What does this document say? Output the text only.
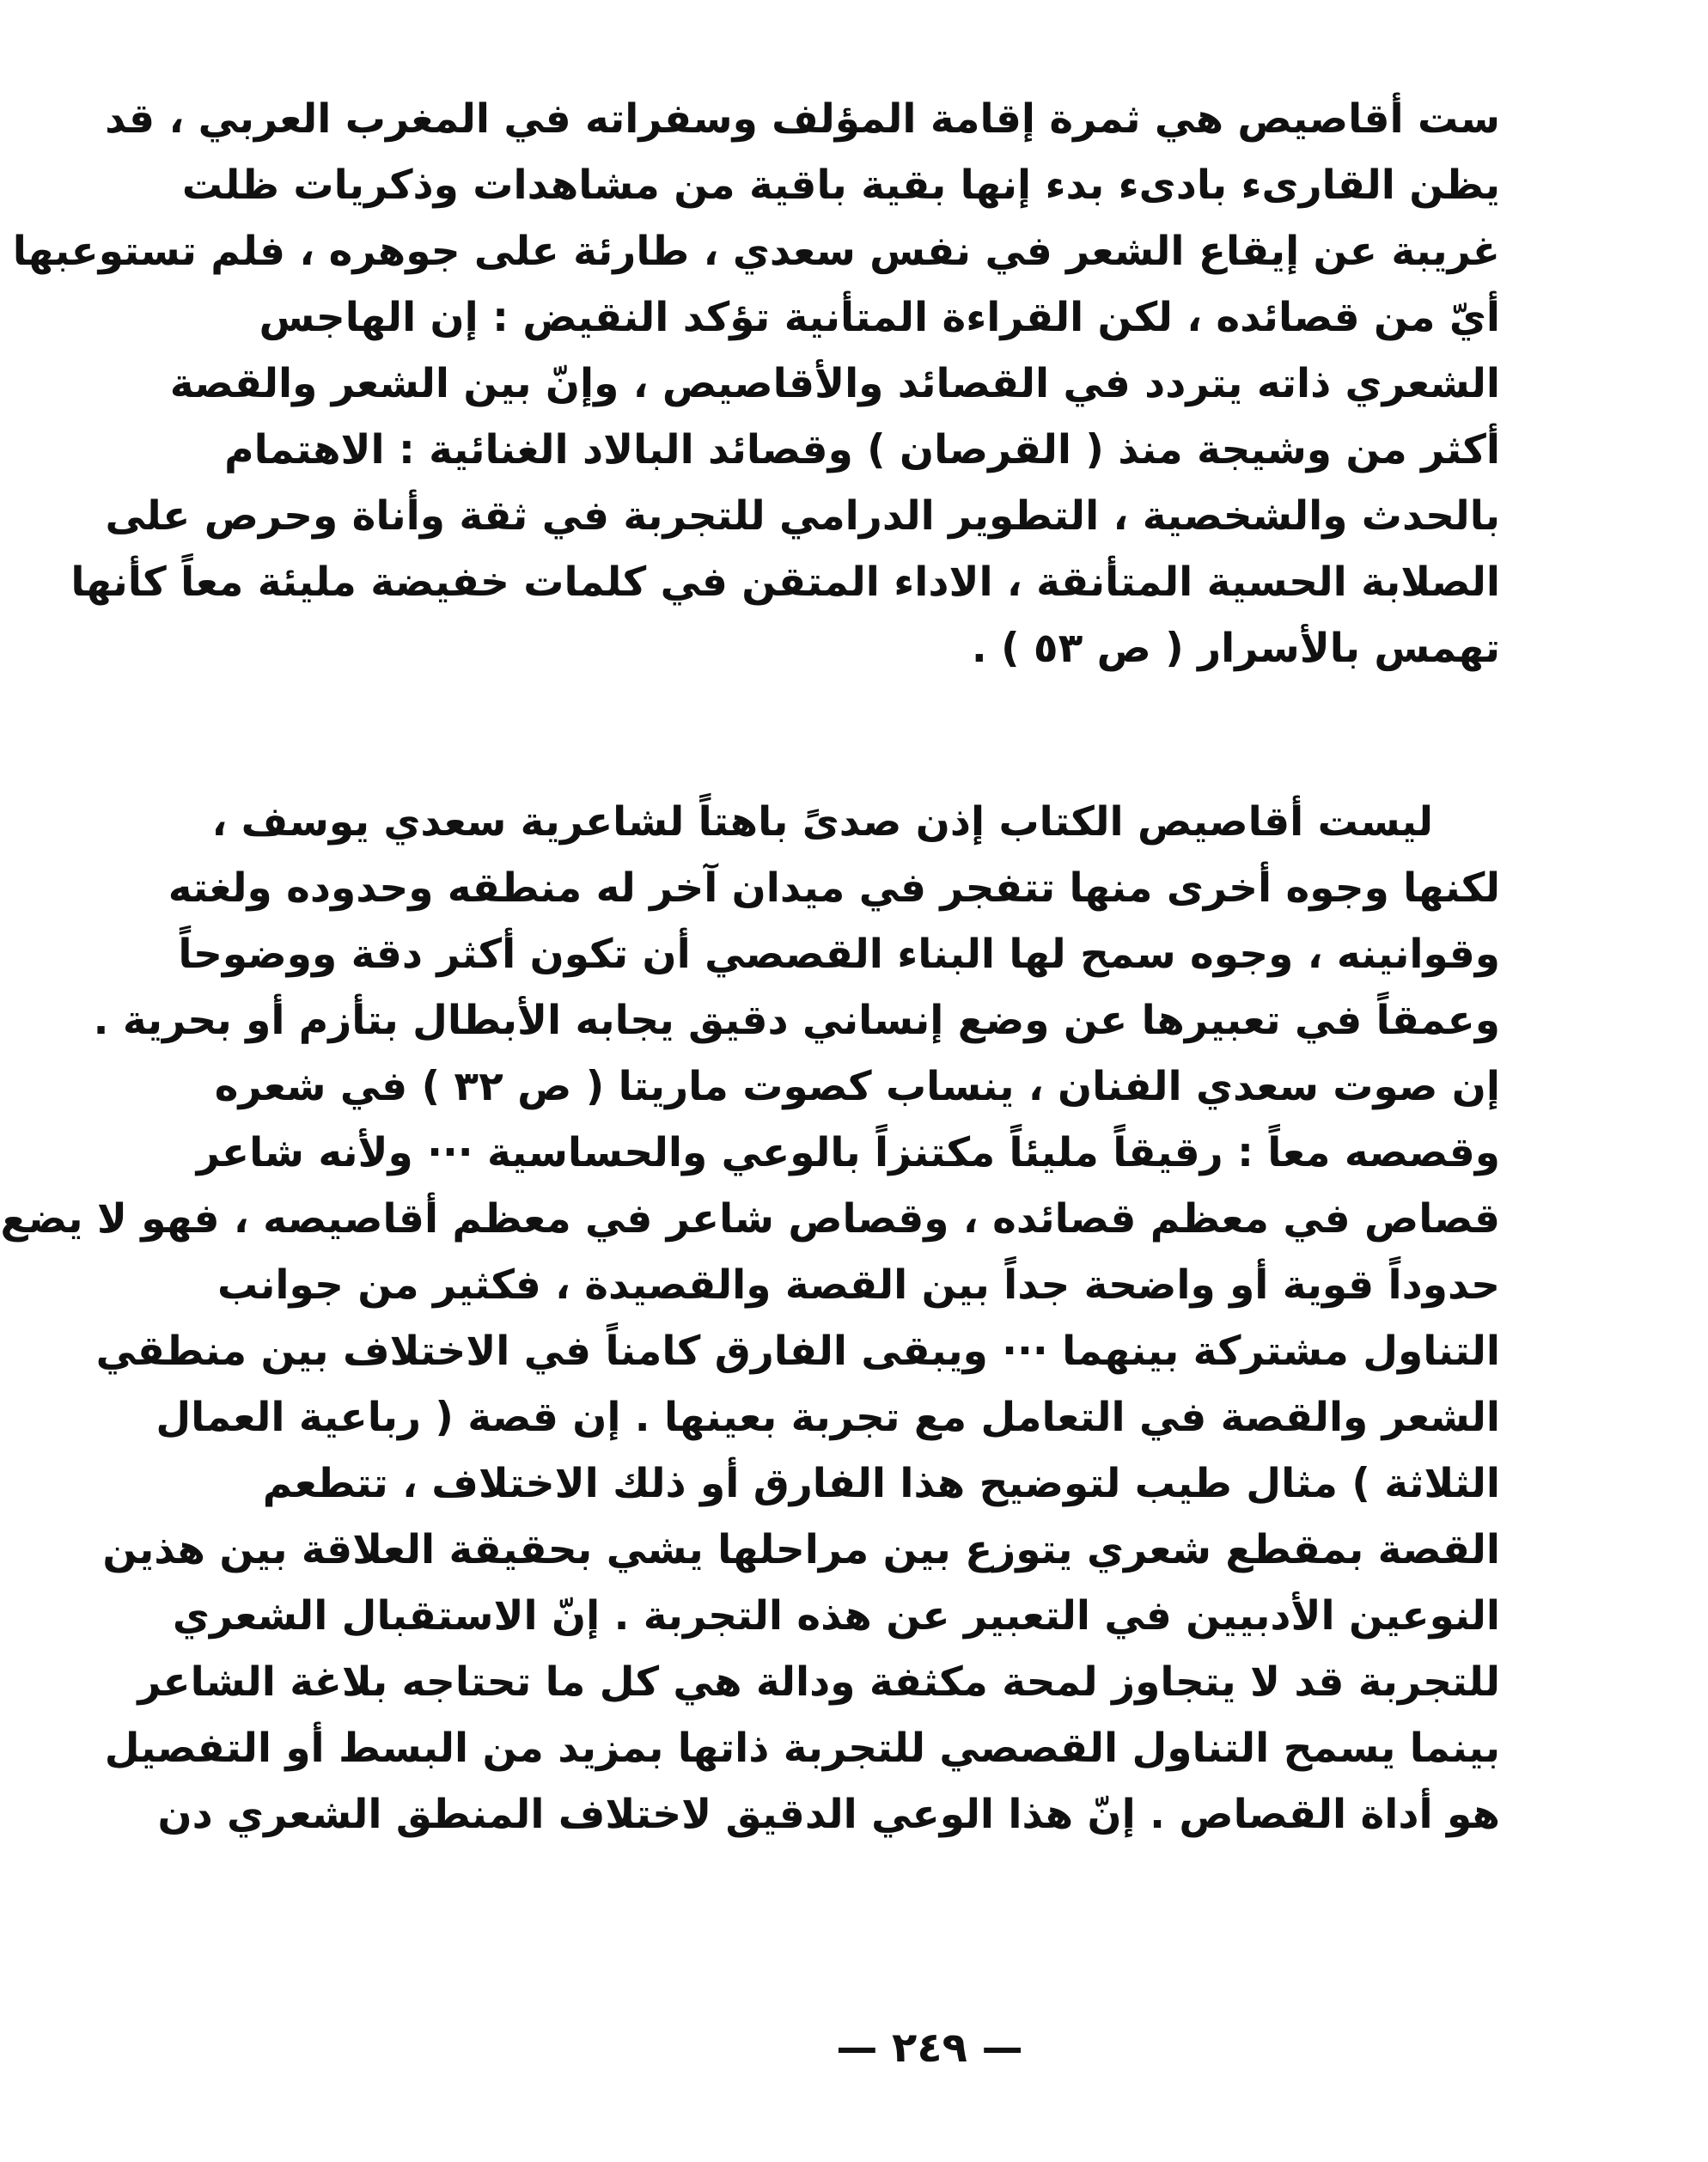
ست أقاصيص هي ثمرة إقامة المؤلف وسفراته في المغرب العربي ، قد
يظن القارىء بادىء بدء إنها بقية باقية من مشاهدات وذكريات ظلت
غريبة عن إيقاع الشعر في نفس سعدي ، طارئة على جوهره ، فلم تستوعبها
أيّ من قصائده ، لكن القراءة المتأنية تؤكد النقيض : إن الهاجس
الشعري ذاته يتردد في القصائد والأقاصيص ، وإنّ بين الشعر والقصة
أكثر من وشيجة منذ ( القرصان ) وقصائد البالاد الغنائية : الاهتمام
بالحدث والشخصية ، التطوير الدرامي للتجربة في ثقة وأناة وحرص على
الصلابة الحسية المتأنقة ، الاداء المتقن في كلمات خفيضة مليئة معاً كأنها
تهمس بالأسرار ( ص ٥٣ ) .
ليست أقاصيص الكتاب إذن صدىً باهتاً لشاعرية سعدي يوسف ،
لكنها وجوه أخرى منها تتفجر في ميدان آخر له منطقه وحدوده ولغته
وقوانينه ، وجوه سمح لها البناء القصصي أن تكون أكثر دقة ووضوحاً
وعمقاً في تعبيرها عن وضع إنساني دقيق يجابه الأبطال بتأزم أو بحرية .
إن صوت سعدي الفنان ، ينساب كصوت ماريتا ( ص ٣٢ ) في شعره
وقصصه معاً : رقيقاً مليئاً مكتنزاً بالوعي والحساسية ··· ولأنه شاعر
قصاص في معظم قصائده ، وقصاص شاعر في معظم أقاصيصه ، فهو لا يضع
حدوداً قوية أو واضحة جداً بين القصة والقصيدة ، فكثير من جوانب
التناول مشتركة بينهما ··· ويبقى الفارق كامناً في الاختلاف بين منطقي
الشعر والقصة في التعامل مع تجربة بعينها . إن قصة ( رباعية العمال
الثلاثة ) مثال طيب لتوضيح هذا الفارق أو ذلك الاختلاف ، تتطعم
القصة بمقطع شعري يتوزع بين مراحلها يشي بحقيقة العلاقة بين هذين
النوعين الأدبيين في التعبير عن هذه التجربة . إنّ الاستقبال الشعري
للتجربة قد لا يتجاوز لمحة مكثفة ودالة هي كل ما تحتاجه بلاغة الشاعر
بينما يسمح التناول القصصي للتجربة ذاتها بمزيد من البسط أو التفصيل
هو أداة القصاص . إنّ هذا الوعي الدقيق لاختلاف المنطق الشعري دن
— ٢٤٩ —
